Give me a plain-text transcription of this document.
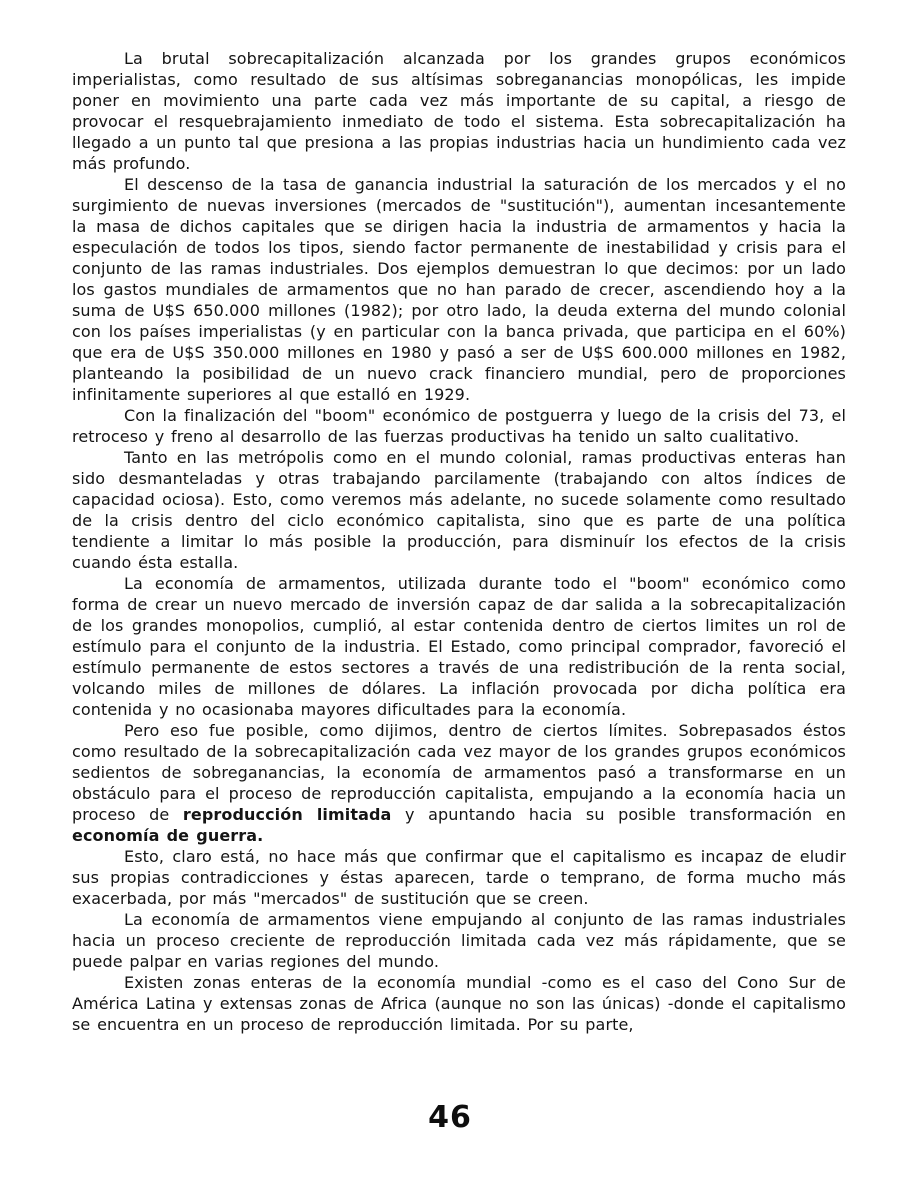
La brutal sobrecapitalización alcanzada por los grandes grupos económicos imperialistas, como resultado de sus altísimas sobreganancias monopólicas, les impide poner en movimiento una parte cada vez más importante de su capital, a riesgo de provocar el resquebrajamiento inmediato de todo el sistema. Esta sobrecapitalización ha llegado a un punto tal que presiona a las propias industrias hacia un hundimiento cada vez más profundo.

El descenso de la tasa de ganancia industrial la saturación de los mercados y el no surgimiento de nuevas inversiones (mercados de "sustitución"), aumentan incesantemente la masa de dichos capitales que se dirigen hacia la industria de armamentos y hacia la especulación de todos los tipos, siendo factor permanente de inestabilidad y crisis para el conjunto de las ramas industriales. Dos ejemplos demuestran lo que decimos: por un lado los gastos mundiales de armamentos que no han parado de crecer, ascendiendo hoy a la suma de U$S 650.000 millones (1982); por otro lado, la deuda externa del mundo colonial con los países imperialistas (y en particular con la banca privada, que participa en el 60%) que era de U$S 350.000 millones en 1980 y pasó a ser de U$S 600.000 millones en 1982, planteando la posibilidad de un nuevo crack financiero mundial, pero de proporciones infinitamente superiores al que estalló en 1929.

Con la finalización del "boom" económico de postguerra y luego de la crisis del 73, el retroceso y freno al desarrollo de las fuerzas productivas ha tenido un salto cualitativo.

Tanto en las metrópolis como en el mundo colonial, ramas productivas enteras han sido desmanteladas y otras trabajando parcilamente (trabajando con altos índices de capacidad ociosa). Esto, como veremos más adelante, no sucede solamente como resultado de la crisis dentro del ciclo económico capitalista, sino que es parte de una política tendiente a limitar lo más posible la producción, para disminuír los efectos de la crisis cuando ésta estalla.

La economía de armamentos, utilizada durante todo el "boom" económico como forma de crear un nuevo mercado de inversión capaz de dar salida a la sobrecapitalización de los grandes monopolios, cumplió, al estar contenida dentro de ciertos limites un rol de estímulo para el conjunto de la industria. El Estado, como principal comprador, favoreció el estímulo permanente de estos sectores a través de una redistribución de la renta social, volcando miles de millones de dólares. La inflación provocada por dicha política era contenida y no ocasionaba mayores dificultades para la economía.

Pero eso fue posible, como dijimos, dentro de ciertos límites. Sobrepasados éstos como resultado de la sobrecapitalización cada vez mayor de los grandes grupos económicos sedientos de sobreganancias, la economía de armamentos pasó a transformarse en un obstáculo para el proceso de reproducción capitalista, empujando a la economía hacia un proceso de reproducción limitada y apuntando hacia su posible transformación en economía de guerra.

Esto, claro está, no hace más que confirmar que el capitalismo es incapaz de eludir sus propias contradicciones y éstas aparecen, tarde o temprano, de forma mucho más exacerbada, por más "mercados" de sustitución que se creen.

La economía de armamentos viene empujando al conjunto de las ramas industriales hacia un proceso creciente de reproducción limitada cada vez más rápidamente, que se puede palpar en varias regiones del mundo.

Existen zonas enteras de la economía mundial -como es el caso del Cono Sur de América Latina y extensas zonas de Africa (aunque no son las únicas) -donde el capitalismo se encuentra en un proceso de reproducción limitada. Por su parte,

46
